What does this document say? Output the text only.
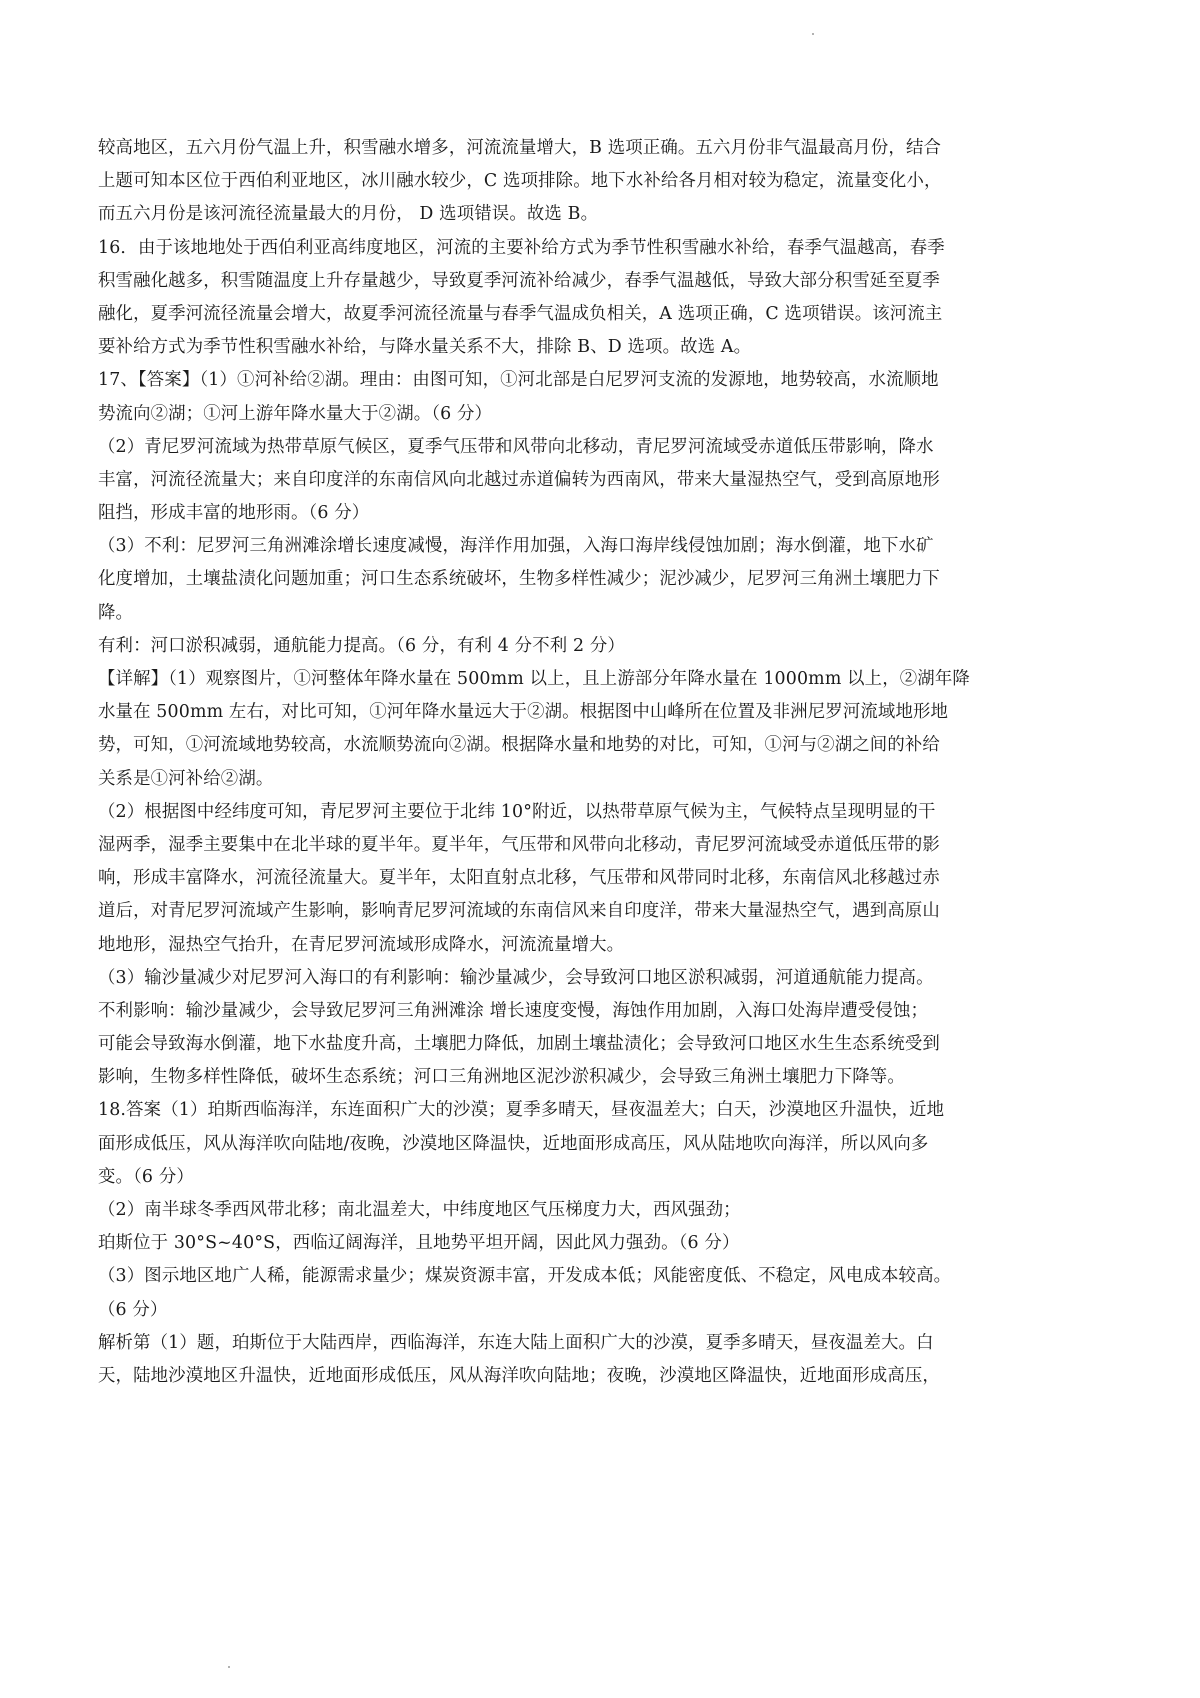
较高地区，五六月份气温上升，积雪融水增多，河流流量增大，B 选项正确。五六月份非气温最高月份，结合
上题可知本区位于西伯利亚地区，冰川融水较少，C 选项排除。地下水补给各月相对较为稳定，流量变化小，
而五六月份是该河流径流量最大的月份， D 选项错误。故选 B。
16．由于该地地处于西伯利亚高纬度地区，河流的主要补给方式为季节性积雪融水补给，春季气温越高，春季
积雪融化越多，积雪随温度上升存量越少，导致夏季河流补给减少，春季气温越低，导致大部分积雪延至夏季
融化，夏季河流径流量会增大，故夏季河流径流量与春季气温成负相关，A 选项正确，C 选项错误。该河流主
要补给方式为季节性积雪融水补给，与降水量关系不大，排除 B、D 选项。故选 A。
17、【答案】（1）①河补给②湖。理由：由图可知，①河北部是白尼罗河支流的发源地，地势较高，水流顺地
势流向②湖；①河上游年降水量大于②湖。（6 分）
（2）青尼罗河流域为热带草原气候区，夏季气压带和风带向北移动，青尼罗河流域受赤道低压带影响，降水
丰富，河流径流量大；来自印度洋的东南信风向北越过赤道偏转为西南风，带来大量湿热空气，受到高原地形
阻挡，形成丰富的地形雨。（6 分）
（3）不利：尼罗河三角洲滩涂增长速度减慢，海洋作用加强，入海口海岸线侵蚀加剧；海水倒灌，地下水矿
化度增加，土壤盐渍化问题加重；河口生态系统破坏，生物多样性减少；泥沙减少，尼罗河三角洲土壤肥力下
降。
有利：河口淤积减弱，通航能力提高。（6 分，有利 4 分不利 2 分）
【详解】（1）观察图片，①河整体年降水量在 500mm 以上，且上游部分年降水量在 1000mm 以上，②湖年降
水量在 500mm 左右，对比可知，①河年降水量远大于②湖。根据图中山峰所在位置及非洲尼罗河流域地形地
势，可知，①河流域地势较高，水流顺势流向②湖。根据降水量和地势的对比，可知，①河与②湖之间的补给
关系是①河补给②湖。
（2）根据图中经纬度可知，青尼罗河主要位于北纬 10°附近，以热带草原气候为主，气候特点呈现明显的干
湿两季，湿季主要集中在北半球的夏半年。夏半年，气压带和风带向北移动，青尼罗河流域受赤道低压带的影
响，形成丰富降水，河流径流量大。夏半年，太阳直射点北移，气压带和风带同时北移，东南信风北移越过赤
道后，对青尼罗河流域产生影响，影响青尼罗河流域的东南信风来自印度洋，带来大量湿热空气，遇到高原山
地地形，湿热空气抬升，在青尼罗河流域形成降水，河流流量增大。
（3）输沙量减少对尼罗河入海口的有利影响：输沙量减少，会导致河口地区淤积减弱，河道通航能力提高。
不利影响：输沙量减少，会导致尼罗河三角洲滩涂 增长速度变慢，海蚀作用加剧，入海口处海岸遭受侵蚀；
可能会导致海水倒灌，地下水盐度升高，土壤肥力降低，加剧土壤盐渍化；会导致河口地区水生生态系统受到
影响，生物多样性降低，破坏生态系统；河口三角洲地区泥沙淤积减少，会导致三角洲土壤肥力下降等。
18.答案（1）珀斯西临海洋，东连面积广大的沙漠；夏季多晴天，昼夜温差大；白天，沙漠地区升温快，近地
面形成低压，风从海洋吹向陆地/夜晚，沙漠地区降温快，近地面形成高压，风从陆地吹向海洋，所以风向多
变。（6 分）
（2）南半球冬季西风带北移；南北温差大，中纬度地区气压梯度力大，西风强劲；
珀斯位于 30°S~40°S，西临辽阔海洋，且地势平坦开阔，因此风力强劲。（6 分）
（3）图示地区地广人稀，能源需求量少；煤炭资源丰富，开发成本低；风能密度低、不稳定，风电成本较高。
（6 分）
解析第（1）题，珀斯位于大陆西岸，西临海洋，东连大陆上面积广大的沙漠，夏季多晴天，昼夜温差大。白
天，陆地沙漠地区升温快，近地面形成低压，风从海洋吹向陆地；夜晚，沙漠地区降温快，近地面形成高压，
